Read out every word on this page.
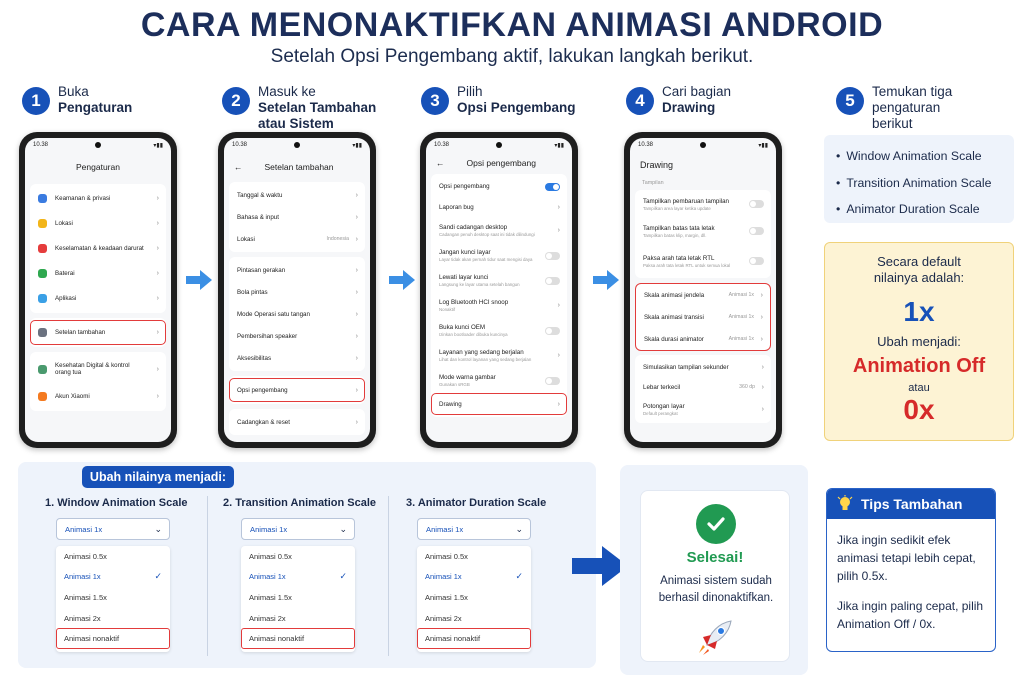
CARA MENONAKTIFKAN ANIMASI ANDROID
Setelah Opsi Pengembang aktif, lakukan langkah berikut.
1	Buka
Pengaturan	2	Masuk ke
Setelan Tambahan
atau Sistem
3	Pilih
Opsi Pengembang	4	Cari bagian
Drawing	5	Temukan tiga pengaturan
berikut
10.38	▾▮▮
Pengaturan
Keamanan & privasi	›
Lokasi	›
Keselamatan & keadaan darurat ›
Baterai	›
Aplikasi	›
Setelan tambahan	›
Kesehatan Digital & kontrol
orang tua	›
Akun Xiaomi	›
10.38	▾▮▮
←	Setelan tambahan
Tanggal & waktu	›
Bahasa & input	›
Lokasi	Indonesia ›
Pintasan gerakan	›
Bola pintas	›
Mode Operasi satu tangan	›
Pembersihan speaker	›
Aksesibilitas	›
Opsi pengembang	›
Cadangkan & reset	›
10.38	▾▮▮
←	Opsi pengembang
Opsi pengembang
Laporan bug	›
Sandi cadangan desktop
Cadangan penuh desktop saat ini tidak dilindungi
›
Jangan kunci layar
Layar tidak akan pernah tidur saat mengisi daya
Lewati layar kunci
Langsung ke layar utama setelah bangun
Log Bluetooth HCI snoop
Nonaktif
›
Buka kunci OEM
Izinkan bootloader dibuka kuncinya
Layanan yang sedang berjalan
Lihat dan kontrol layanan yang sedang berjalan
›
Mode warna gambar
Gunakan sRGB
Drawing	›
10.38	▾▮▮
Drawing
Tampilan
Tampilkan pembaruan tampilan
Tampilkan area layar ketika update
Tampilkan batas tata letak
Tampilkan batas klip, margin, dll.
Paksa arah tata letak RTL
Paksa arah tata letak RTL untuk semua lokal
Skala animasi jendela	Animasi 1x ›
Skala animasi transisi	Animasi 1x ›
Skala durasi animator	Animasi 1x ›
Simulasikan tampilan sekunder	›
Lebar terkecil	360 dp ›
Potongan layar
Default perangkat
›
• Window Animation Scale
• Transition Animation Scale
• Animator Duration Scale
Secara default
nilainya adalah:
1x
Ubah menjadi:
Animation Off
atau
0x
Ubah nilainya menjadi:
1. Window Animation Scale	2. Transition Animation Scale	3. Animator Duration Scale
Animasi 1x	⌄	Animasi 1x	⌄	Animasi 1x	⌄
Animasi 0.5x
Animasi 1x	✓
Animasi 1.5x
Animasi 2x
Animasi nonaktif
Animasi 0.5x
Animasi 1x	✓
Animasi 1.5x
Animasi 2x
Animasi nonaktif
Animasi 0.5x
Animasi 1x	✓
Animasi 1.5x
Animasi 2x
Animasi nonaktif
Selesai!
Animasi sistem sudah berhasil dinonaktifkan.
Tips Tambahan

Jika ingin sedikit efek animasi tetapi lebih cepat, pilih 0.5x.

Jika ingin paling cepat, pilih Animation Off / 0x.
